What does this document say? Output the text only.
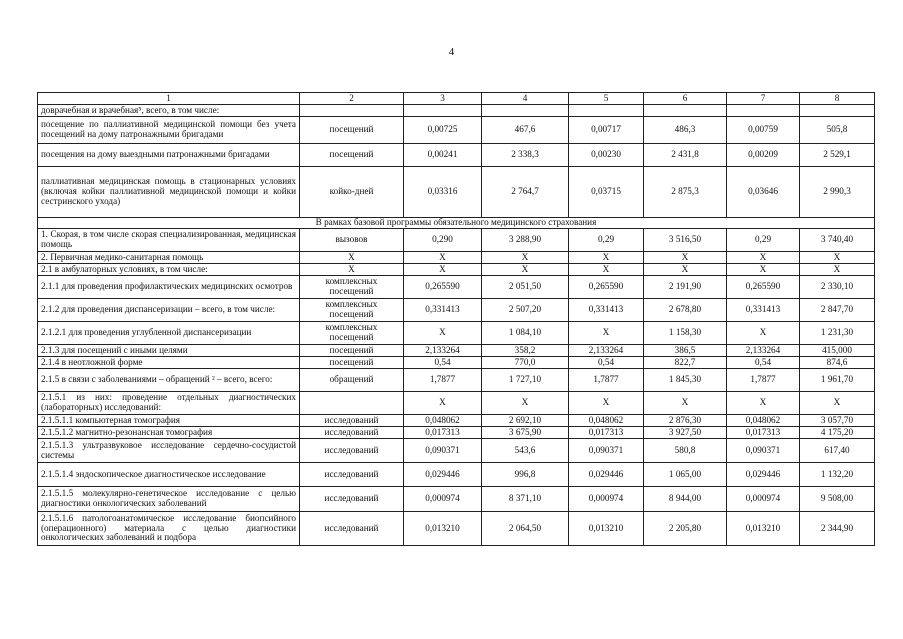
4
1	2	3	4	5	6	7	8
доврачебная и врачебная⁵, всего, в том числе:							
посещение по паллиативной медицинской помощи без учета посещений на дому патронажными бригадами	посещений	0,00725	467,6	0,00717	486,3	0,00759	505,8
посещения на дому выездными патронажными бригадами	посещений	0,00241	2 338,3	0,00230	2 431,8	0,00209	2 529,1
паллиативная медицинская помощь в стационарных условиях (включая койки паллиативной медицинской помощи и койки сестринского ухода)	койко-дней	0,03316	2 764,7	0,03715	2 875,3	0,03646	2 990,3
В рамках базовой программы обязательного медицинского страхования							
1. Скорая, в том числе скорая специализированная, медицинская помощь	вызовов	0,290	3 288,90	0,29	3 516,50	0,29	3 740,40
2. Первичная медико-санитарная помощь	X	X	X	X	X	X	X
2.1 в амбулаторных условиях, в том числе:	X	X	X	X	X	X	X
2.1.1 для проведения профилактических медицинских осмотров	комплексных посещений	0,265590	2 051,50	0,265590	2 191,90	0,265590	2 330,10
2.1.2 для проведения диспансеризации – всего, в том числе:	комплексных посещений	0,331413	2 507,20	0,331413	2 678,80	0,331413	2 847,70
2.1.2.1 для проведения углубленной диспансеризации	комплексных посещений	X	1 084,10	X	1 158,30	X	1 231,30
2.1.3 для посещений с иными целями	посещений	2,133264	358,2	2,133264	386,5	2,133264	415,000
2.1.4 в неотложной форме	посещений	0,54	770,0	0,54	822,7	0,54	874,6
2.1.5 в связи с заболеваниями – обращений ² – всего, всего:	обращений	1,7877	1 727,10	1,7877	1 845,30	1,7877	1 961,70
2.1.5.1 из них: проведение отдельных диагностических (лабораторных) исследований:		X	X	X	X	X	X
2.1.5.1.1 компьютерная томография	исследований	0,048062	2 692,10	0,048062	2 876,30	0,048062	3 057,70
2.1.5.1.2 магнитно-резонансная томография	исследований	0,017313	3 675,90	0,017313	3 927,50	0,017313	4 175,20
2.1.5.1.3 ультразвуковое исследование сердечно-сосудистой системы	исследований	0,090371	543,6	0,090371	580,8	0,090371	617,40
2.1.5.1.4 эндоскопическое диагностическое исследование	исследований	0,029446	996,8	0,029446	1 065,00	0,029446	1 132,20
2.1.5.1.5 молекулярно-генетическое исследование с целью диагностики онкологических заболеваний	исследований	0,000974	8 371,10	0,000974	8 944,00	0,000974	9 508,00
2.1.5.1.6 патологоанатомическое исследование биопсийного (операционного) материала с целью диагностики онкологических заболеваний и подбора	исследований	0,013210	2 064,50	0,013210	2 205,80	0,013210	2 344,90
